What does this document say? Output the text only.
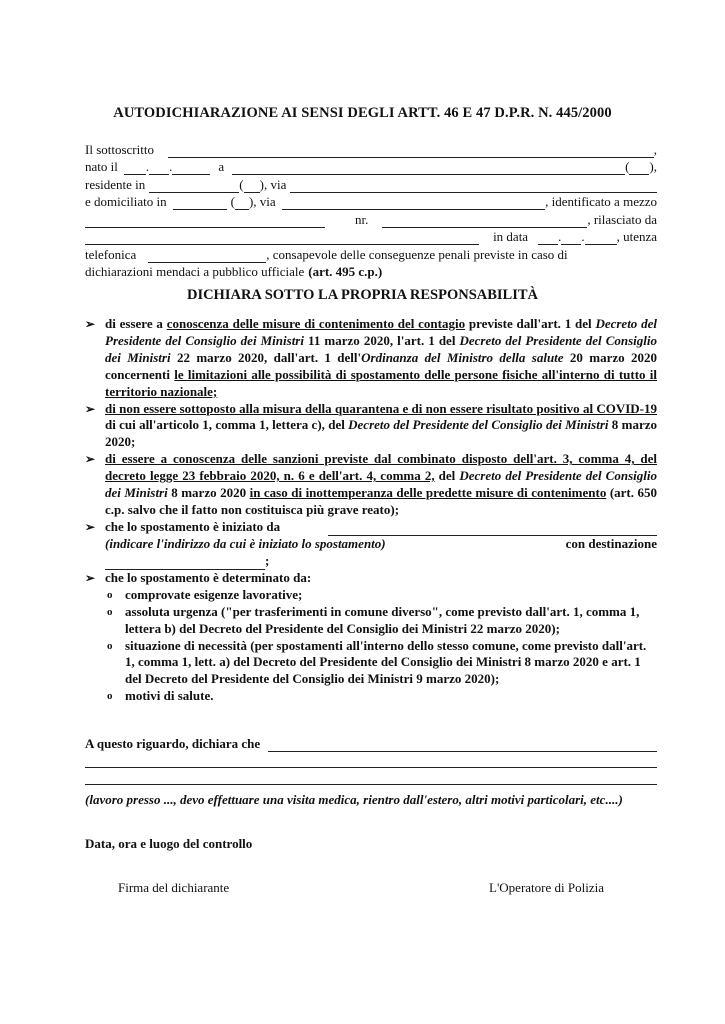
AUTODICHIARAZIONE AI SENSI DEGLI ARTT. 46 E 47 D.P.R. N. 445/2000
Il sottoscritto	,
nato il . .	a	( ) ,
residente in	( ) , via
e domiciliato in	( ) , via	, identificato a mezzo
nr.	, rilasciato da
in data . . , utenza
telefonica	, consapevole delle conseguenze penali previste in caso di
dichiarazioni mendaci a pubblico ufficiale (art. 495 c.p.)
DICHIARA SOTTO LA PROPRIA RESPONSABILITÀ
➢ di essere a conoscenza delle misure di contenimento del contagio previste dall'art. 1 del Decreto del Presidente del Consiglio dei Ministri 11 marzo 2020, l'art. 1 del Decreto del Presidente del Consiglio dei Ministri 22 marzo 2020, dall'art. 1 dell'Ordinanza del Ministro della salute 20 marzo 2020 concernenti le limitazioni alle possibilità di spostamento delle persone fisiche all'interno di tutto il territorio nazionale;
➢ di non essere sottoposto alla misura della quarantena e di non essere risultato positivo al COVID-19 di cui all'articolo 1, comma 1, lettera c), del Decreto del Presidente del Consiglio dei Ministri 8 marzo 2020;
➢ di essere a conoscenza delle sanzioni previste dal combinato disposto dell'art. 3, comma 4, del decreto legge 23 febbraio 2020, n. 6 e dell'art. 4, comma 2, del Decreto del Presidente del Consiglio dei Ministri 8 marzo 2020 in caso di inottemperanza delle predette misure di contenimento (art. 650 c.p. salvo che il fatto non costituisca più grave reato);
➢ che lo spostamento è iniziato da
(indicare l'indirizzo da cui è iniziato lo spostamento)	con destinazione
;
➢ che lo spostamento è determinato da:
o comprovate esigenze lavorative;
o assoluta urgenza ("per trasferimenti in comune diverso", come previsto dall'art. 1, comma 1, lettera b) del Decreto del Presidente del Consiglio dei Ministri 22 marzo 2020);
o situazione di necessità (per spostamenti all'interno dello stesso comune, come previsto dall'art. 1, comma 1, lett. a) del Decreto del Presidente del Consiglio dei Ministri 8 marzo 2020 e art. 1 del Decreto del Presidente del Consiglio dei Ministri 9 marzo 2020);
o motivi di salute.
A questo riguardo, dichiara che
(lavoro presso ..., devo effettuare una visita medica, rientro dall'estero, altri motivi particolari, etc....)
Data, ora e luogo del controllo
Firma del dichiarante	L'Operatore di Polizia
